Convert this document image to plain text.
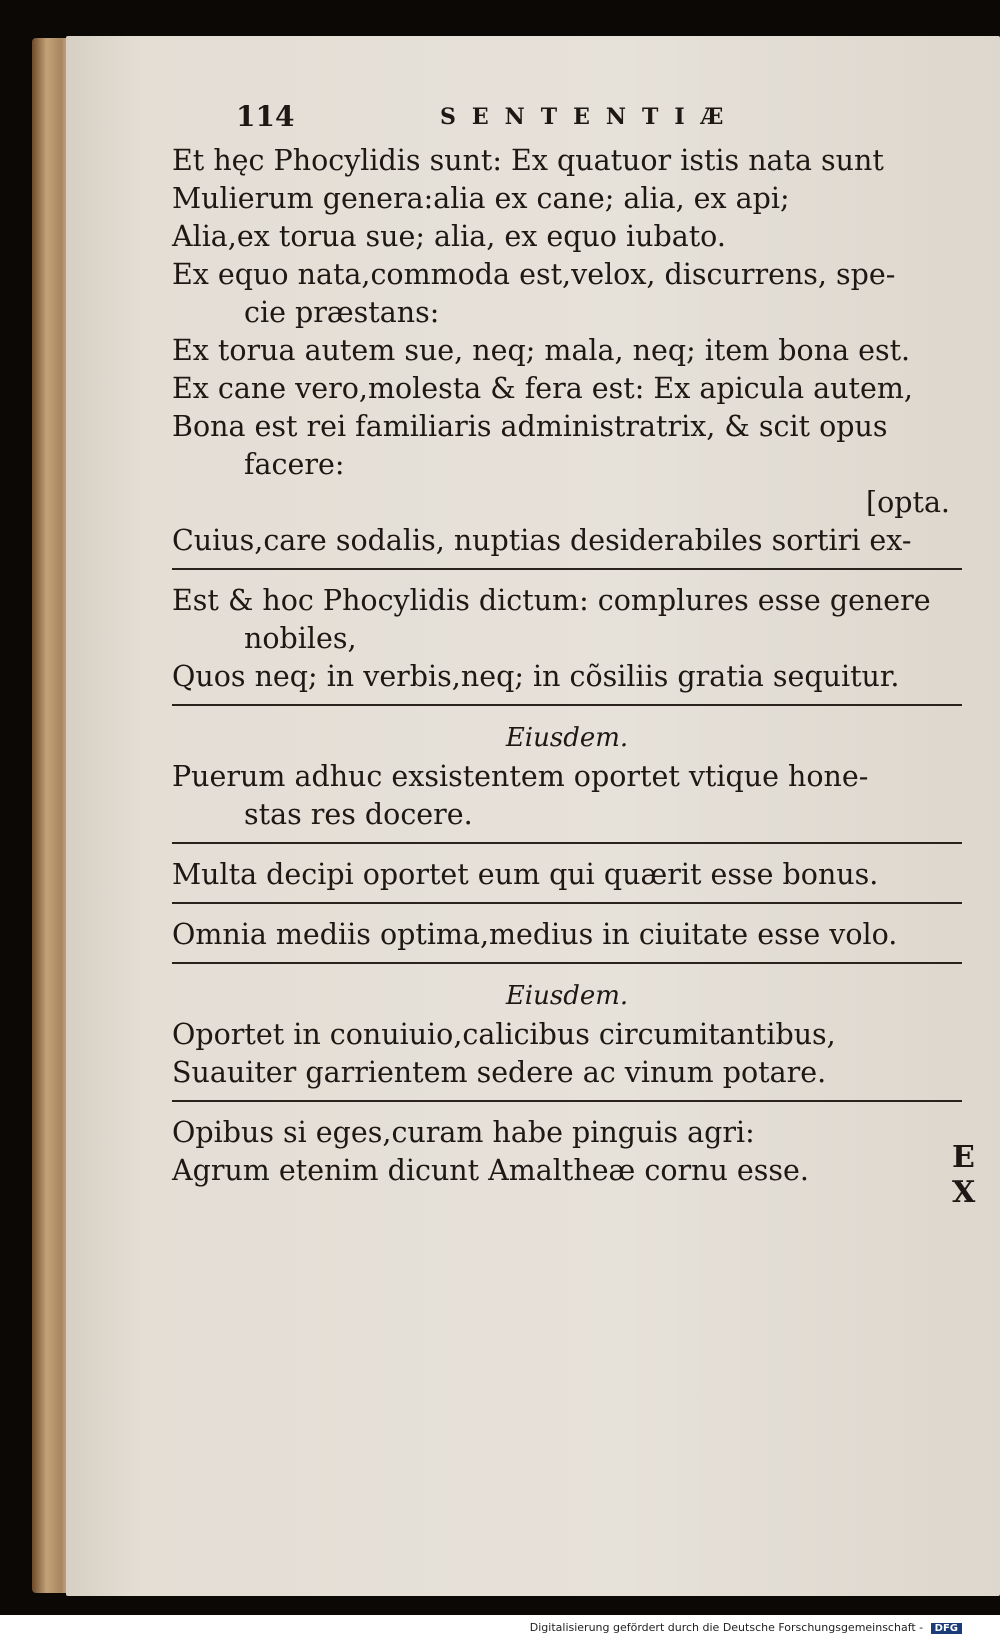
114	SENTENTIÆ
Et hęc Phocylidis sunt: Ex quatuor istis nata sunt
Mulierum genera:alia ex cane; alia, ex api;
Alia,ex torua sue; alia, ex equo iubato.
Ex equo nata,commoda est,velox, discurrens, spe-
cie præstans:
Ex torua autem sue, neq; mala, neq; item bona est.
Ex cane vero,molesta & fera est: Ex apicula autem,
Bona est rei familiaris administratrix, & scit opus
facere:
[opta.
Cuius,care sodalis, nuptias desiderabiles sortiri ex-
Est & hoc Phocylidis dictum: complures esse genere
nobiles,
Quos neq; in verbis,neq; in cõsiliis gratia sequitur.
Eiusdem.
Puerum adhuc exsistentem oportet vtique hone-
stas res docere.
Multa decipi oportet eum qui quærit esse bonus.
Omnia mediis optima,medius in ciuitate esse volo.
Eiusdem.
Oportet in conuiuio,calicibus circumitantibus,
Suauiter garrientem sedere ac vinum potare.
Opibus si eges,curam habe pinguis agri:
Agrum etenim dicunt Amaltheæ cornu esse.	E X
Digitalisierung gefördert durch die Deutsche Forschungsgemeinschaft - DFG
